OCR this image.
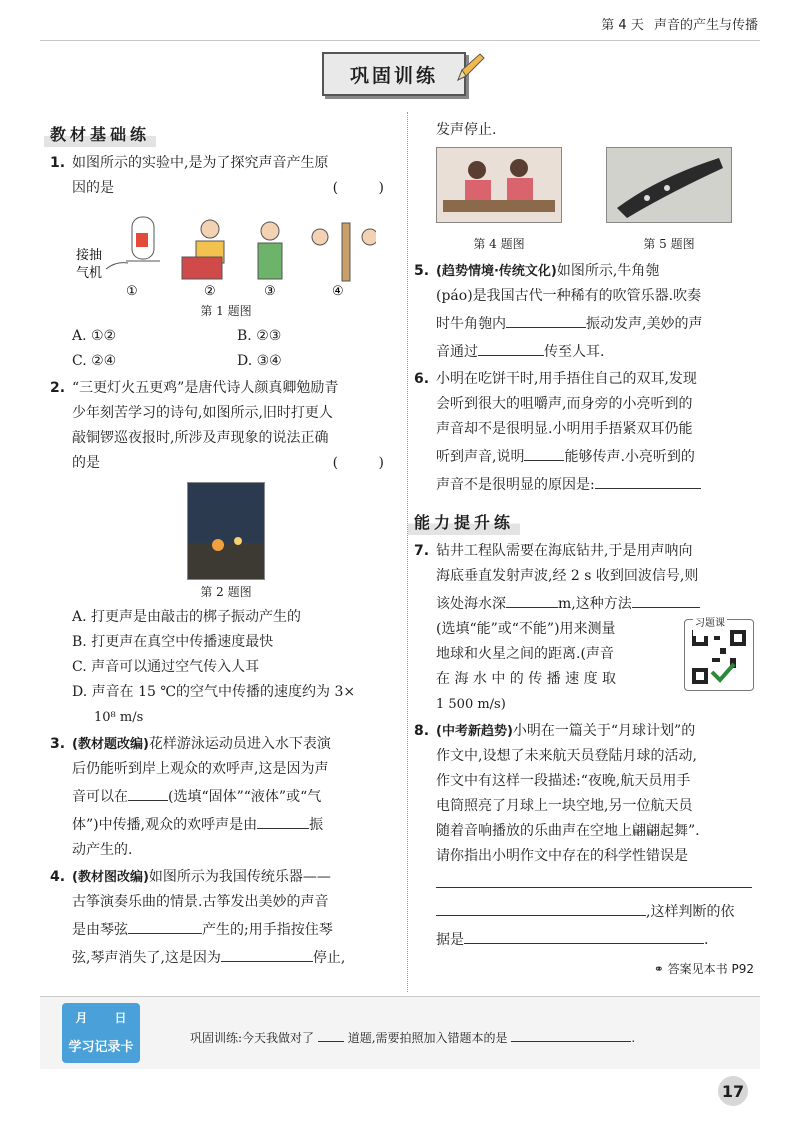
第 4 天 声音的产生与传播
巩固训练
教材基础练
1. 如图所示的实验中,是为了探究声音产生原
因的是	( )
接抽
气机
①	②	③	④
第 1 题图
A. ①②	B. ②③
C. ②④	D. ③④
2. “三更灯火五更鸡”是唐代诗人颜真卿勉励青
少年刻苦学习的诗句,如图所示,旧时打更人
敲铜锣巡夜报时,所涉及声现象的说法正确
的是	( )
第 2 题图
A. 打更声是由敲击的梆子振动产生的
B. 打更声在真空中传播速度最快
C. 声音可以通过空气传入人耳
D. 声音在 15 ℃的空气中传播的速度约为 3×
10⁸ m/s
3. (教材题改编)花样游泳运动员进入水下表演
后仍能听到岸上观众的欢呼声,这是因为声
音可以在	(选填“固体”“液体”或“气
体”)中传播,观众的欢呼声是由	振
动产生的.
4. (教材图改编)如图所示为我国传统乐器——
古筝演奏乐曲的情景.古筝发出美妙的声音
是由琴弦	产生的;用手指按住琴
弦,琴声消失了,这是因为	停止,
发声停止.
第 4 题图	第 5 题图
5. (趋势情境·传统文化)如图所示,牛角匏
(páo)是我国古代一种稀有的吹管乐器.吹奏
时牛角匏内	振动发声,美妙的声
音通过	传至人耳.
6. 小明在吃饼干时,用手捂住自己的双耳,发现
会听到很大的咀嚼声,而身旁的小亮听到的
声音却不是很明显.小明用手捂紧双耳仍能
听到声音,说明	能够传声.小亮听到的
声音不是很明显的原因是:
能力提升练
7. 钻井工程队需要在海底钻井,于是用声呐向
海底垂直发射声波,经 2 s 收到回波信号,则
该处海水深	m,这种方法
习题课
(选填“能”或“不能”)用来测量
地球和火星之间的距离.(声音
在 海 水 中 的 传 播 速 度 取
1 500 m/s)
8. (中考新趋势)小明在一篇关于“月球计划”的
作文中,设想了未来航天员登陆月球的活动,
作文中有这样一段描述:“夜晚,航天员用手
电筒照亮了月球上一块空地,另一位航天员
随着音响播放的乐曲声在空地上翩翩起舞”.
请你指出小明作文中存在的科学性错误是
,这样判断的依
据是	.
⚭ 答案见本书 P92
月 日
学习记录卡
巩固训练:今天我做对了	道题,需要拍照加入错题本的是	.
17
